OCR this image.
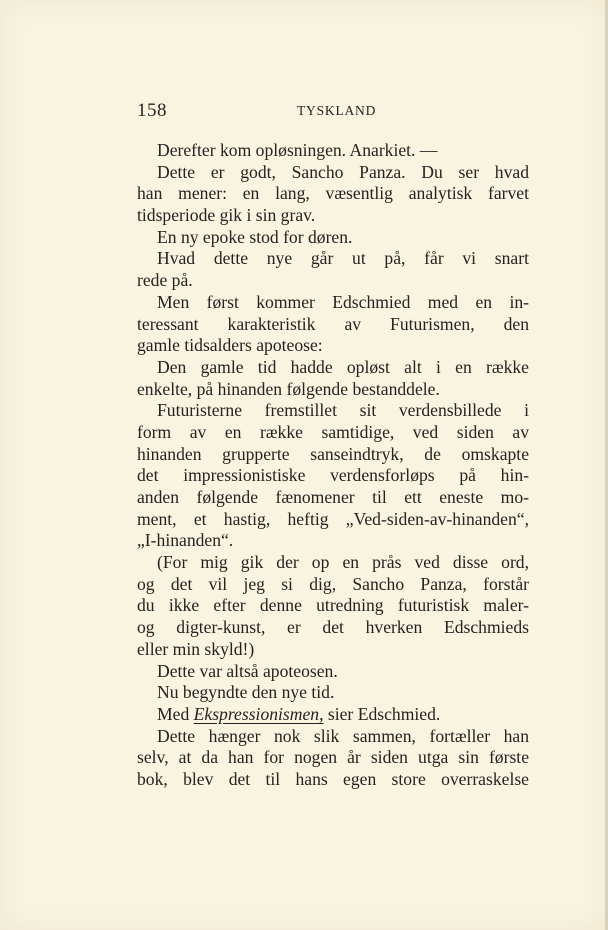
158	TYSKLAND
Derefter kom opløsningen. Anarkiet. —
Dette er godt, Sancho Panza. Du ser hvad
han mener: en lang, væsentlig analytisk farvet
tidsperiode gik i sin grav.
En ny epoke stod for døren.
Hvad dette nye går ut på, får vi snart
rede på.
Men først kommer Edschmied med en in-
teressant karakteristik av Futurismen, den
gamle tidsalders apoteose:
Den gamle tid hadde opløst alt i en række
enkelte, på hinanden følgende bestanddele.
Futuristerne fremstillet sit verdensbillede i
form av en række samtidige, ved siden av
hinanden grupperte sanseindtryk, de omskapte
det impressionistiske verdensforløps på hin-
anden følgende fænomener til ett eneste mo-
ment, et hastig, heftig „Ved-siden-av-hinanden“,
„I-hinanden“.
(For mig gik der op en prås ved disse ord,
og det vil jeg si dig, Sancho Panza, forstår
du ikke efter denne utredning futuristisk maler-
og digter-kunst, er det hverken Edschmieds
eller min skyld!)
Dette var altså apoteosen.
Nu begyndte den nye tid.
Med Ekspressionismen, sier Edschmied.
Dette hænger nok slik sammen, fortæller han
selv, at da han for nogen år siden utga sin første
bok, blev det til hans egen store overraskelse
